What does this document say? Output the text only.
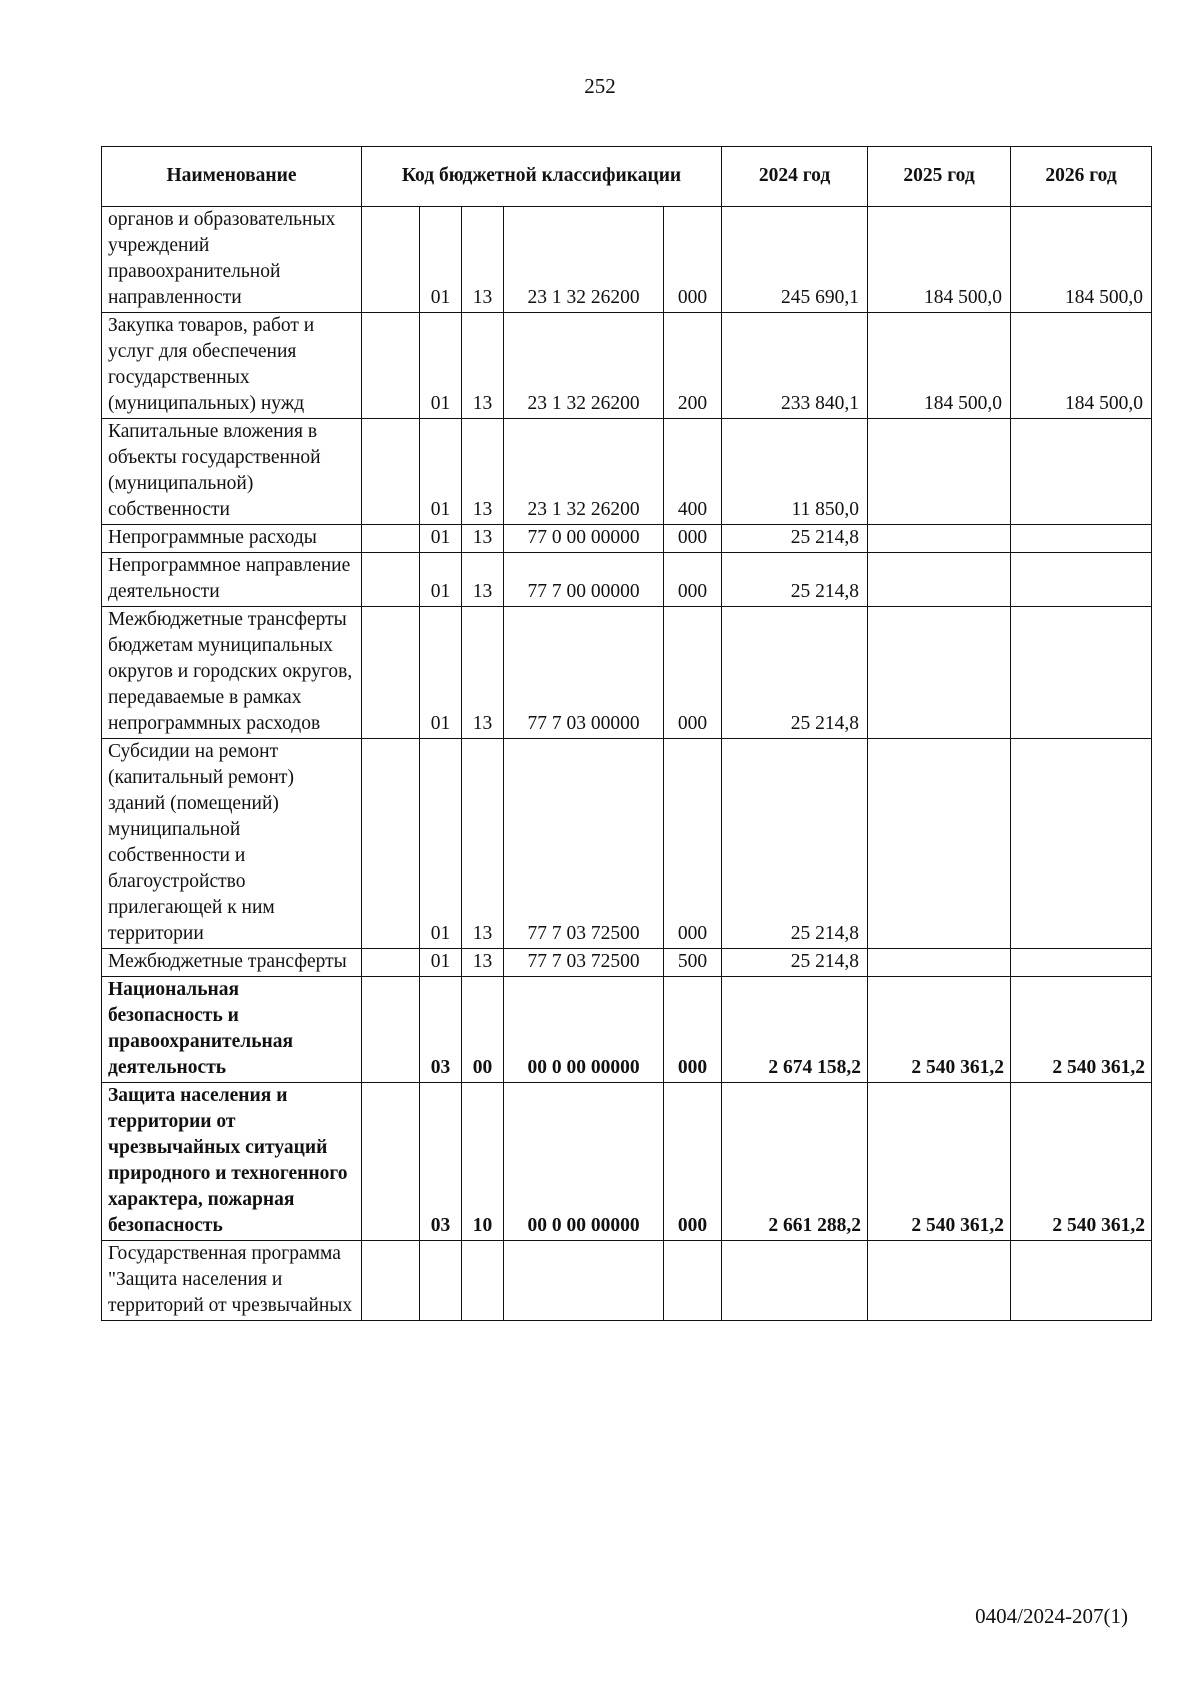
252
Наименование	Код бюджетной классификации					2024 год	2025 год	2026 год
органов и образовательных учреждений правоохранительной направленности		01	13	23 1 32 26200	000	245 690,1	184 500,0	184 500,0
Закупка товаров, работ и услуг для обеспечения государственных (муниципальных) нужд		01	13	23 1 32 26200	200	233 840,1	184 500,0	184 500,0
Капитальные вложения в объекты государственной (муниципальной) собственности		01	13	23 1 32 26200	400	11 850,0		
Непрограммные расходы		01	13	77 0 00 00000	000	25 214,8		
Непрограммное направление деятельности		01	13	77 7 00 00000	000	25 214,8		
Межбюджетные трансферты бюджетам муниципальных округов и городских округов, передаваемые в рамках непрограммных расходов		01	13	77 7 03 00000	000	25 214,8		
Субсидии на ремонт (капитальный ремонт) зданий (помещений) муниципальной собственности и благоустройство прилегающей к ним территории		01	13	77 7 03 72500	000	25 214,8		
Межбюджетные трансферты		01	13	77 7 03 72500	500	25 214,8		
Национальная безопасность и правоохранительная деятельность		03	00	00 0 00 00000	000	2 674 158,2	2 540 361,2	2 540 361,2
Защита населения и территории от чрезвычайных ситуаций природного и техногенного характера, пожарная безопасность		03	10	00 0 00 00000	000	2 661 288,2	2 540 361,2	2 540 361,2
Государственная программа "Защита населения и территорий от чрезвычайных								
0404/2024-207(1)
